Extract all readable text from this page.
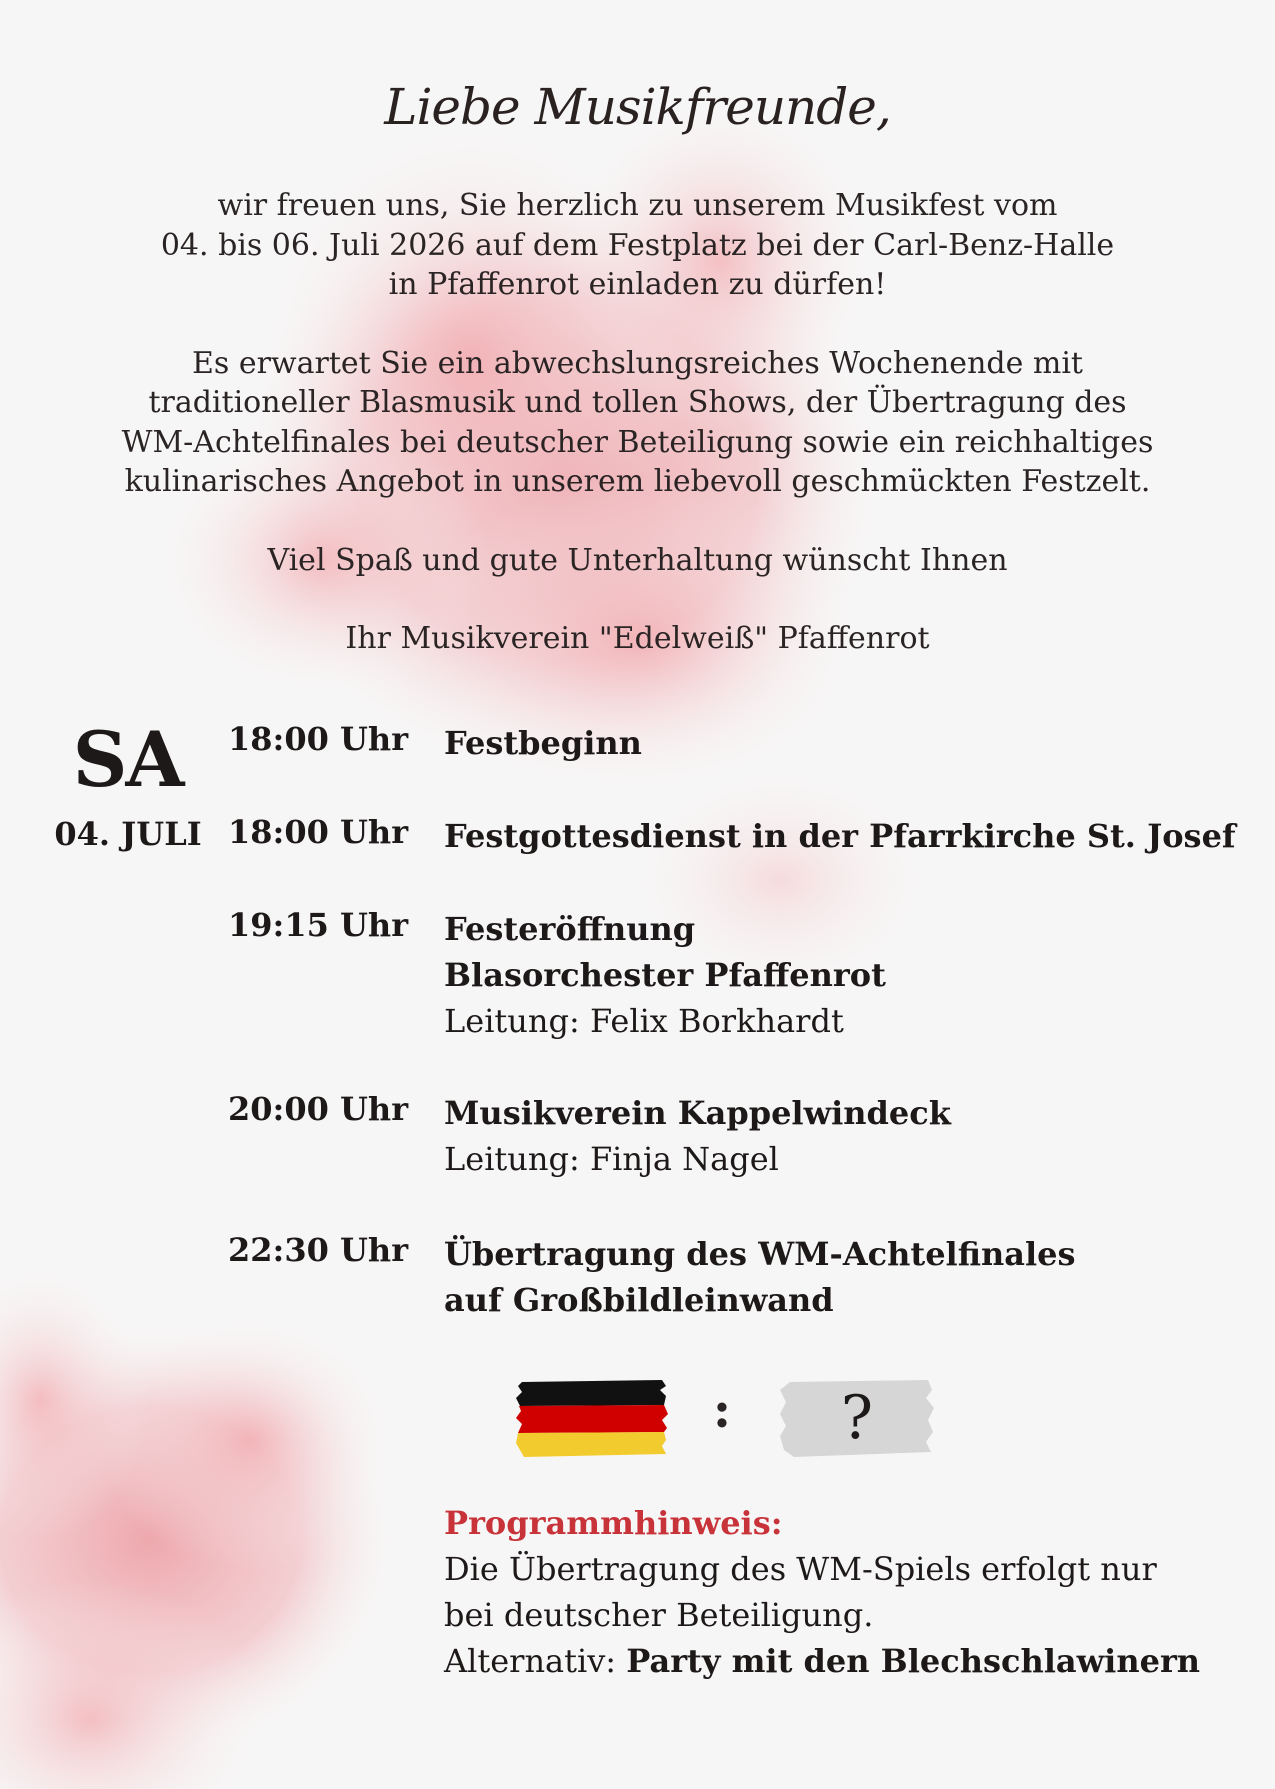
Liebe Musikfreunde,

wir freuen uns, Sie herzlich zu unserem Musikfest vom
04. bis 06. Juli 2026 auf dem Festplatz bei der Carl-Benz-Halle
in Pfaffenrot einladen zu dürfen!

Es erwartet Sie ein abwechslungsreiches Wochenende mit
traditioneller Blasmusik und tollen Shows, der Übertragung des
WM-Achtelfinales bei deutscher Beteiligung sowie ein reichhaltiges
kulinarisches Angebot in unserem liebevoll geschmückten Festzelt.

Viel Spaß und gute Unterhaltung wünscht Ihnen

Ihr Musikverein "Edelweiß" Pfaffenrot

SA
04. JULI
18:00 Uhr	Festbeginn
18:00 Uhr	Festgottesdienst in der Pfarrkirche St. Josef
19:15 Uhr	Festeröffnung
Blasorchester Pfaffenrot
Leitung: Felix Borkhardt
20:00 Uhr	Musikverein Kappelwindeck
Leitung: Finja Nagel
22:30 Uhr	Übertragung des WM-Achtelfinales
auf Großbildleinwand
:	?
Programmhinweis:
Die Übertragung des WM-Spiels erfolgt nur
bei deutscher Beteiligung.
Alternativ: Party mit den Blechschlawinern
